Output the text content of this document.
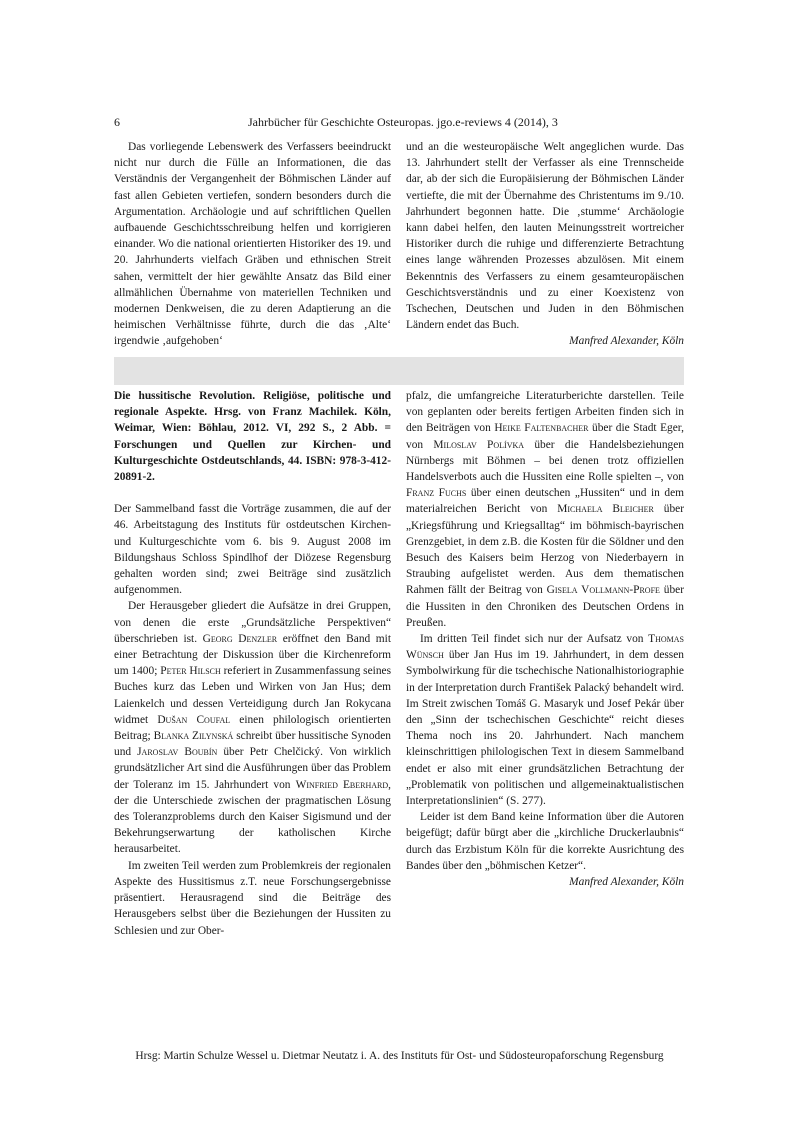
6	Jahrbücher für Geschichte Osteuropas. jgo.e-reviews 4 (2014), 3

Das vorliegende Lebenswerk des Verfassers beeindruckt nicht nur durch die Fülle an Informationen, die das Verständnis der Vergangenheit der Böhmischen Länder auf fast allen Gebieten vertiefen, sondern besonders durch die Argumentation. Archäologie und auf schriftlichen Quellen aufbauende Geschichtsschreibung helfen und korrigieren einander. Wo die national orientierten Historiker des 19. und 20. Jahrhunderts vielfach Gräben und ethnischen Streit sahen, vermittelt der hier gewählte Ansatz das Bild einer allmählichen Übernahme von materiellen Techniken und modernen Denkweisen, die zu deren Adaptierung an die heimischen Verhältnisse führte, durch die das ‚Alte‘ irgendwie ‚aufgehoben‘

und an die westeuropäische Welt angeglichen wurde. Das 13. Jahrhundert stellt der Verfasser als eine Trennscheide dar, ab der sich die Europäisierung der Böhmischen Länder vertiefte, die mit der Übernahme des Christentums im 9./10. Jahrhundert begonnen hatte. Die ‚stumme‘ Archäologie kann dabei helfen, den lauten Meinungsstreit wortreicher Historiker durch die ruhige und differenzierte Betrachtung eines lange währenden Prozesses abzulösen. Mit einem Bekenntnis des Verfassers zu einem gesamteuropäischen Geschichtsverständnis und zu einer Koexistenz von Tschechen, Deutschen und Juden in den Böhmischen Ländern endet das Buch.

Manfred Alexander, Köln

Die hussitische Revolution. Religiöse, politische und regionale Aspekte. Hrsg. von Franz Machilek. Köln, Weimar, Wien: Böhlau, 2012. VI, 292 S., 2 Abb. = Forschungen und Quellen zur Kirchen- und Kulturgeschichte Ostdeutschlands, 44. ISBN: 978-3-412-20891-2.

Der Sammelband fasst die Vorträge zusammen, die auf der 46. Arbeitstagung des Instituts für ostdeutschen Kirchen- und Kulturgeschichte vom 6. bis 9. August 2008 im Bildungshaus Schloss Spindlhof der Diözese Regensburg gehalten worden sind; zwei Beiträge sind zusätzlich aufgenommen.

Der Herausgeber gliedert die Aufsätze in drei Gruppen, von denen die erste „Grundsätzliche Perspektiven“ überschrieben ist. Georg Denzler eröffnet den Band mit einer Betrachtung der Diskussion über die Kirchenreform um 1400; Peter Hilsch referiert in Zusammenfassung seines Buches kurz das Leben und Wirken von Jan Hus; dem Laienkelch und dessen Verteidigung durch Jan Rokycana widmet Dušan Coufal einen philologisch orientierten Beitrag; Blanka Zilynská schreibt über hussitische Synoden und Jaroslav Boubín über Petr Chelčický. Von wirklich grundsätzlicher Art sind die Ausführungen über das Problem der Toleranz im 15. Jahrhundert von Winfried Eberhard, der die Unterschiede zwischen der pragmatischen Lösung des Toleranzproblems durch den Kaiser Sigismund und der Bekehrungserwartung der katholischen Kirche herausarbeitet.

Im zweiten Teil werden zum Problemkreis der regionalen Aspekte des Hussitismus z.T. neue Forschungsergebnisse präsentiert. Herausragend sind die Beiträge des Herausgebers selbst über die Beziehungen der Hussiten zu Schlesien und zur Ober-

pfalz, die umfangreiche Literaturberichte darstellen. Teile von geplanten oder bereits fertigen Arbeiten finden sich in den Beiträgen von Heike Faltenbacher über die Stadt Eger, von Miloslav Polívka über die Handelsbeziehungen Nürnbergs mit Böhmen – bei denen trotz offiziellen Handelsverbots auch die Hussiten eine Rolle spielten –, von Franz Fuchs über einen deutschen „Hussiten“ und in dem materialreichen Bericht von Michaela Bleicher über „Kriegsführung und Kriegsalltag“ im böhmisch-bayrischen Grenzgebiet, in dem z.B. die Kosten für die Söldner und den Besuch des Kaisers beim Herzog von Niederbayern in Straubing aufgelistet werden. Aus dem thematischen Rahmen fällt der Beitrag von Gisela Vollmann-Profe über die Hussiten in den Chroniken des Deutschen Ordens in Preußen.

Im dritten Teil findet sich nur der Aufsatz von Thomas Wünsch über Jan Hus im 19. Jahrhundert, in dem dessen Symbolwirkung für die tschechische Nationalhistoriographie in der Interpretation durch František Palacký behandelt wird. Im Streit zwischen Tomáš G. Masaryk und Josef Pekár über den „Sinn der tschechischen Geschichte“ reicht dieses Thema noch ins 20. Jahrhundert. Nach manchem kleinschrittigen philologischen Text in diesem Sammelband endet er also mit einer grundsätzlichen Betrachtung der „Problematik von politischen und allgemeinaktualistischen Interpretationslinien“ (S. 277).

Leider ist dem Band keine Information über die Autoren beigefügt; dafür bürgt aber die „kirchliche Druckerlaubnis“ durch das Erzbistum Köln für die korrekte Ausrichtung des Bandes über den „böhmischen Ketzer“.

Manfred Alexander, Köln

Hrsg: Martin Schulze Wessel u. Dietmar Neutatz i. A. des Instituts für Ost- und Südosteuropaforschung Regensburg
